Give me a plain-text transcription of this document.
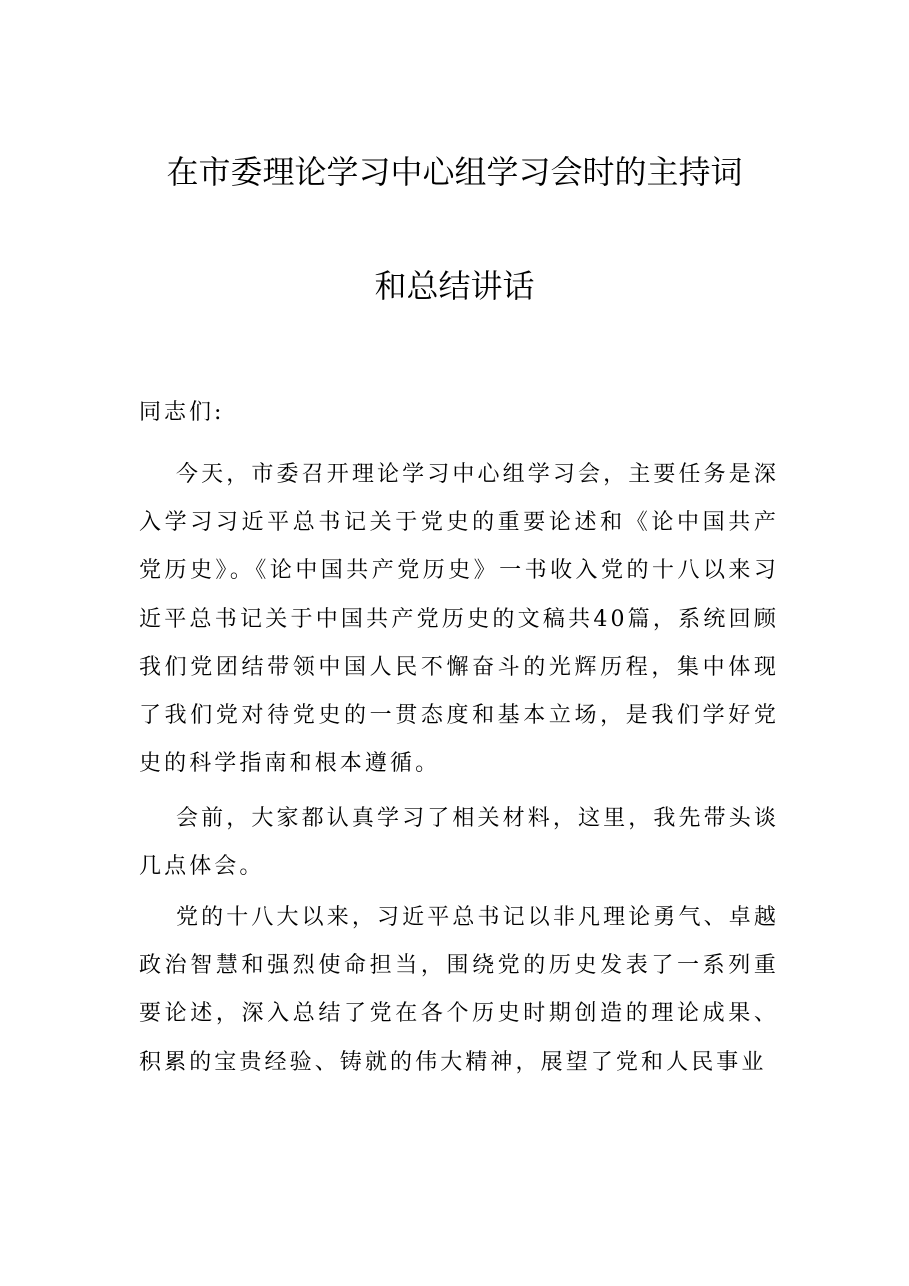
在市委理论学习中心组学习会时的主持词
和总结讲话
同志们:
今天，市委召开理论学习中心组学习会，主要任务是深入学习习近平总书记关于党史的重要论述和《论中国共产党历史》。《论中国共产党历史》一书收入党的十八以来习近平总书记关于中国共产党历史的文稿共40篇，系统回顾我们党团结带领中国人民不懈奋斗的光辉历程，集中体现了我们党对待党史的一贯态度和基本立场，是我们学好党史的科学指南和根本遵循。
会前，大家都认真学习了相关材料，这里，我先带头谈几点体会。
党的十八大以来，习近平总书记以非凡理论勇气、卓越政治智慧和强烈使命担当，围绕党的历史发表了一系列重要论述，深入总结了党在各个历史时期创造的理论成果、积累的宝贵经验、铸就的伟大精神，展望了党和人民事业
